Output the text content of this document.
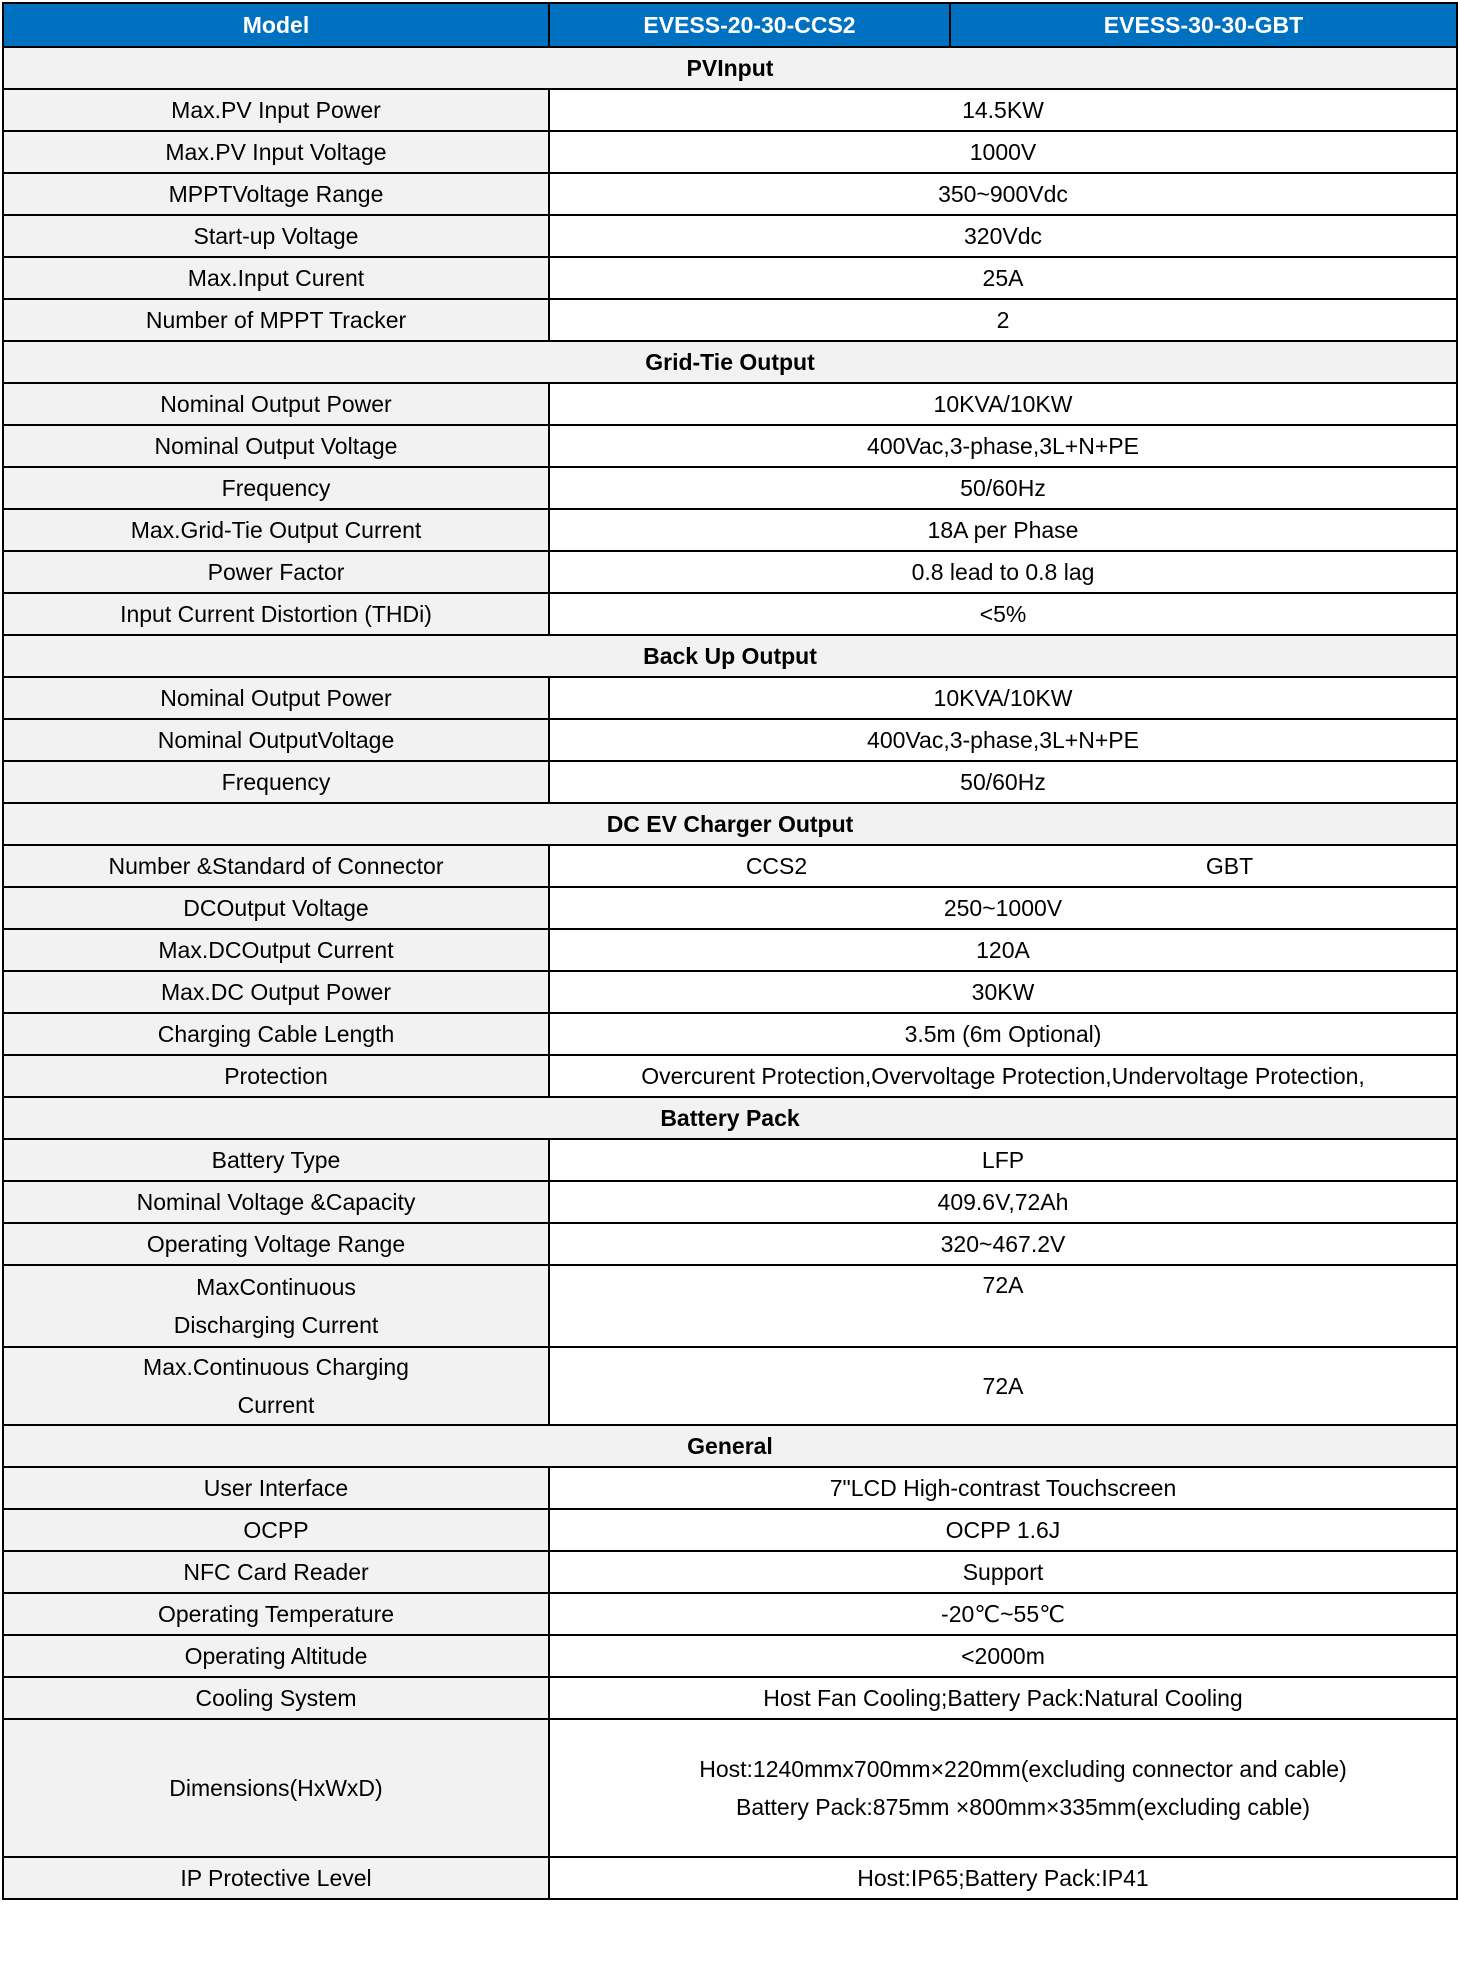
Model	EVESS-20-30-CCS2	EVESS-30-30-GBT
PVInput		
Max.PV Input Power	14.5KW	
Max.PV Input Voltage	1000V	
MPPTVoltage Range	350~900Vdc	
Start-up Voltage	320Vdc	
Max.Input Curent	25A	
Number of MPPT Tracker	2	
Grid-Tie Output		
Nominal Output Power	10KVA/10KW	
Nominal Output Voltage	400Vac,3-phase,3L+N+PE	
Frequency	50/60Hz	
Max.Grid-Tie Output Current	18A per Phase	
Power Factor	0.8 lead to 0.8 lag	
Input Current Distortion (THDi)	<5%	
Back Up Output		
Nominal Output Power	10KVA/10KW	
Nominal OutputVoltage	400Vac,3-phase,3L+N+PE	
Frequency	50/60Hz	
DC EV Charger Output		
Number &Standard of Connector	CCS2 GBT	

DCOutput Voltage	250~1000V	
Max.DCOutput Current	120A	
Max.DC Output Power	30KW	
Charging Cable Length	3.5m (6m Optional)	
Protection	Overcurent Protection,Overvoltage Protection,Undervoltage Protection,	
Battery Pack		
Battery Type	LFP	
Nominal Voltage &Capacity	409.6V,72Ah	
Operating Voltage Range	320~467.2V	

MaxContinuous
Discharging Current	72A	

Max.Continuous Charging
Current	72A	
General		
User Interface	7"LCD High-contrast Touchscreen	
OCPP	OCPP 1.6J	
NFC Card Reader	Support	
Operating Temperature	-20℃~55℃	
Operating Altitude	<2000m	
Cooling System	Host Fan Cooling;Battery Pack:Natural Cooling	
Dimensions(HxWxD)	Host:1240mmx700mm×220mm(excluding connector and cable)
Battery Pack:875mm ×800mm×335mm(excluding cable)	

IP Protective Level	Host:IP65;Battery Pack:IP41	
